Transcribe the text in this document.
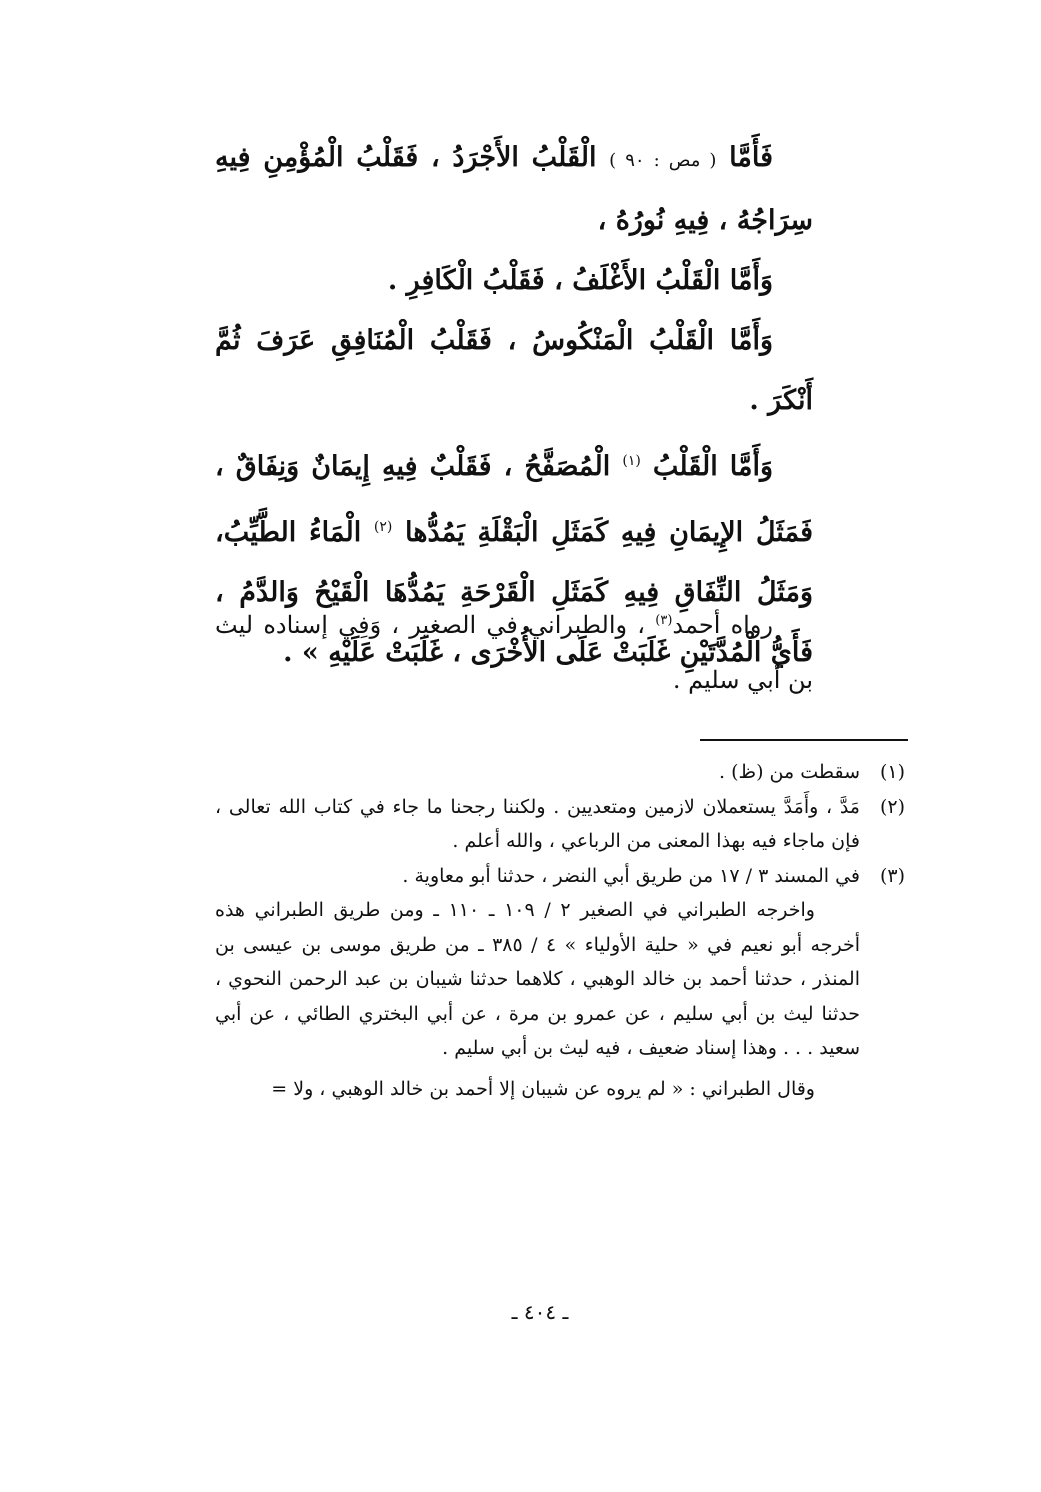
فَأَمَّا ( مص : ٩٠ ) الْقَلْبُ الأَجْرَدُ ، فَقَلْبُ الْمُؤْمِنِ فِيهِ سِرَاجُهُ ، فِيهِ نُورُهُ ،

وَأَمَّا الْقَلْبُ الأَغْلَفُ ، فَقَلْبُ الْكَافِرِ .

وَأَمَّا الْقَلْبُ الْمَنْكُوسُ ، فَقَلْبُ الْمُنَافِقِ عَرَفَ ثُمَّ أَنْكَرَ .

وَأَمَّا الْقَلْبُ $^{(١)}$ الْمُصَفَّحُ ، فَقَلْبٌ فِيهِ إِيمَانٌ وَنِفَاقٌ ، فَمَثَلُ الإِيمَانِ فِيهِ كَمَثَلِ الْبَقْلَةِ يَمُدُّها $^{(٢)}$ الْمَاءُ الطَّيِّبُ، وَمَثَلُ النِّفَاقِ فِيهِ كَمَثَلِ الْقَرْحَةِ يَمُدُّهَا الْقَيْحُ وَالدَّمُ ، فَأَيُّ الْمُدَّتَيْنِ غَلَبَتْ عَلَى الأُخْرَى ، غَلَبَتْ عَلَيْهِ » .

رواه أحمد$^{(٣)}$ ، والطبراني في الصغير ، وَفِي إسناده ليث بن أبي سليم .

(١)

سقطت من (ظ) .

(٢)

مَدَّ ، وأَمَدَّ يستعملان لازمين ومتعديين . ولكننا رجحنا ما جاء في كتاب الله تعالى ، فإن ماجاء فيه بهذا المعنى من الرباعي ، والله أعلم .

(٣)

في المسند ٣ / ١٧ من طريق أبي النضر ، حدثنا أبو معاوية .

واخرجه الطبراني في الصغير ٢ / ١٠٩ ـ ١١٠ ـ ومن طريق الطبراني هذه أخرجه أبو نعيم في « حلية الأولياء » ٤ / ٣٨٥ ـ من طريق موسى بن عيسى بن المنذر ، حدثنا أحمد بن خالد الوهبي ، كلاهما حدثنا شيبان بن عبد الرحمن النحوي ، حدثنا ليث بن أبي سليم ، عن عمرو بن مرة ، عن أبي البختري الطائي ، عن أبي سعيد . . . وهذا إسناد ضعيف ، فيه ليث بن أبي سليم .

وقال الطبراني : « لم يروه عن شيبان إلا أحمد بن خالد الوهبي ، ولا =

ـ ٤٠٤ ـ
